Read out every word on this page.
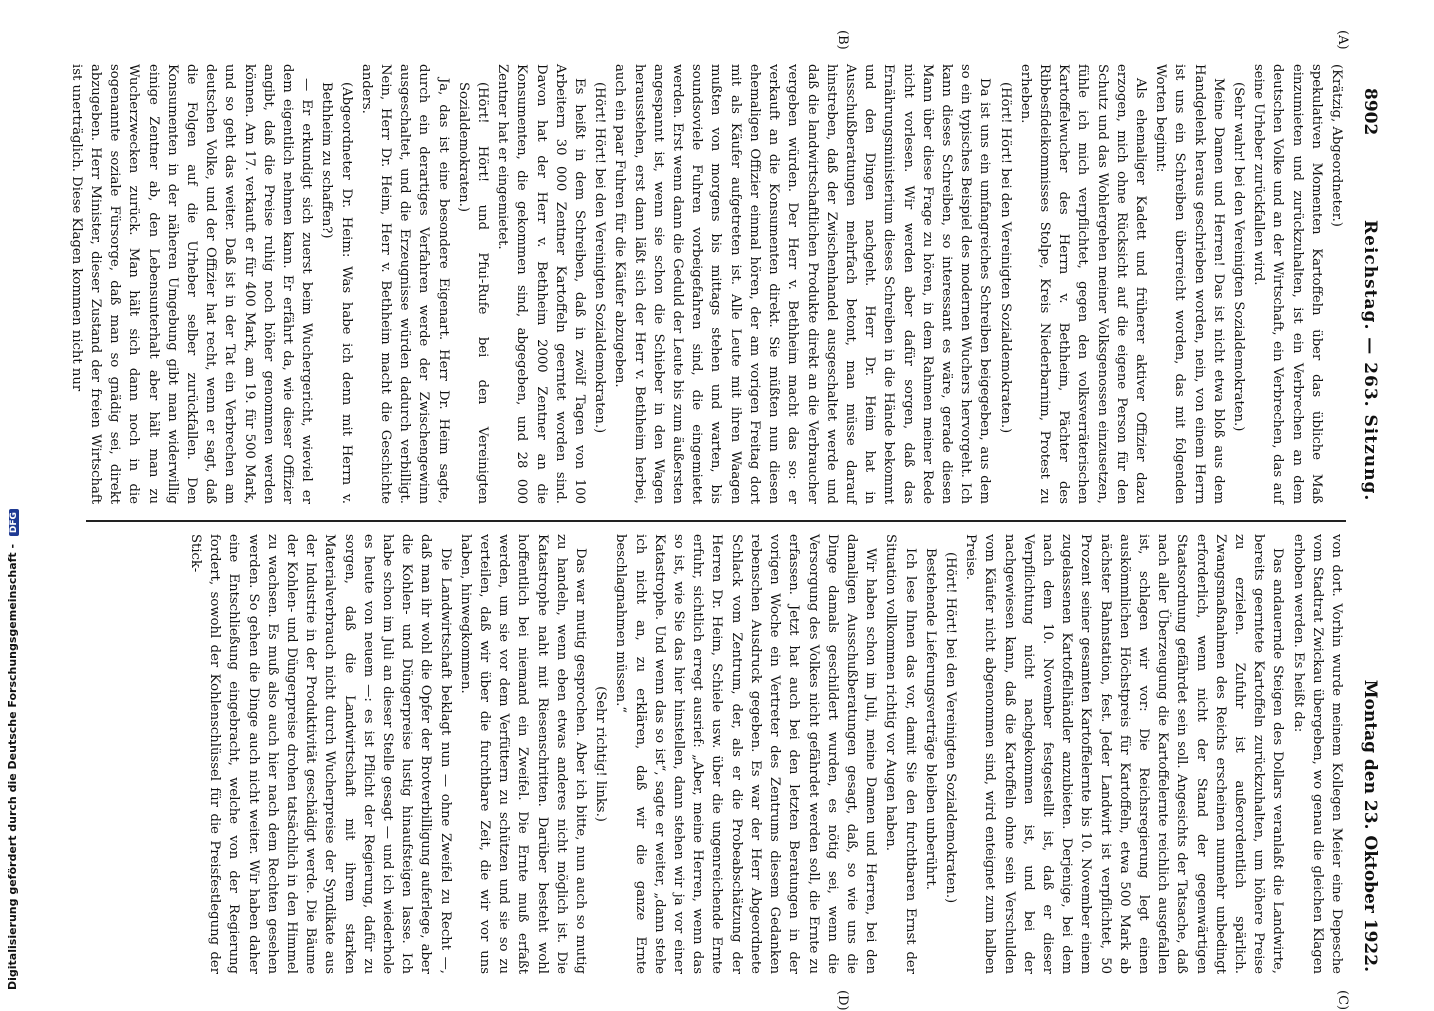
8902
Reichstag. — 263. Sitzung.
Montag den 23. Oktober 1922.
(A)
(B)
(C)
(D)

(Krätzig, Abgeordneter.)

spekulativen Momenten Kartoffeln über das übliche Maß einzumieten und zurückzuhalten, ist ein Verbrechen an dem deutschen Volke und an der Wirtschaft, ein Verbrechen, das auf seine Urheber zurückfallen wird.

(Sehr wahr! bei den Vereinigten Sozialdemokraten.)

Meine Damen und Herren! Das ist nicht etwa bloß aus dem Handgelenk heraus geschrieben worden, nein, von einem Herrn ist uns ein Schreiben überreicht worden, das mit folgenden Worten beginnt:

Als ehemaliger Kadett und früherer aktiver Offizier dazu erzogen, mich ohne Rücksicht auf die eigene Person für den Schutz und das Wohlergehen meiner Volksgenossen einzusetzen, fühle ich mich verpflichtet, gegen den volksverräterischen Kartoffelwucher des Herrn v. Bethheim, Pächter des Ribbesfideikommisses Stolpe, Kreis Niederbarnim, Protest zu erheben.

(Hört! Hört! bei den Vereinigten Sozialdemokraten.)

Da ist uns ein umfangreiches Schreiben beigegeben, aus dem so ein typisches Beispiel des modernen Wuchers hervorgeht. Ich kann dieses Schreiben, so interessant es wäre, gerade diesen Mann über diese Frage zu hören, in dem Rahmen meiner Rede nicht vorlesen. Wir werden aber dafür sorgen, daß das Ernährungsministerium dieses Schreiben in die Hände bekommt und den Dingen nachgeht. Herr Dr. Heim hat in Ausschußberatungen mehrfach betont, man müsse darauf hinstreben, daß der Zwischenhandel ausgeschaltet werde und daß die landwirtschaftlichen Produkte direkt an die Verbraucher vergeben würden. Der Herr v. Bethheim macht das so: er verkauft an die Konsumenten direkt. Sie müßten nun diesen ehemaligen Offizier einmal hören, der am vorigen Freitag dort mit als Käufer aufgetreten ist. Alle Leute mit ihren Waagen mußten von morgens bis mittags stehen und warten, bis soundsoviele Fuhren vorbeigefahren sind, die eingemietet werden. Erst wenn dann die Geduld der Leute bis zum äußersten angespannt ist, wenn sie schon die Schieber in den Wagen herausstehen, erst dann läßt sich der Herr v. Bethheim herbei, auch ein paar Fuhren für die Käufer abzugeben.

(Hört! Hört! bei den Vereinigten Sozialdemokraten.)

Es heißt in dem Schreiben, daß in zwölf Tagen von 100 Arbeitern 30 000 Zentner Kartoffeln geerntet worden sind. Davon hat der Herr v. Bethheim 2000 Zentner an die Konsumenten, die gekommen sind, abgegeben, und 28 000 Zentner hat er eingemietet.

(Hört! Hört! und Pfui-Rufe bei den Vereinigten Sozialdemokraten.)

Ja, das ist eine besondere Eigenart. Herr Dr. Heim sagte, durch ein derartiges Verfahren werde der Zwischengewinn ausgeschaltet, und die Erzeugnisse würden dadurch verbilligt. Nein, Herr Dr. Heim, Herr v. Bethheim macht die Geschichte anders.

(Abgeordneter Dr. Heim: Was habe ich denn mit Herrn v. Bethheim zu schaffen?)

— Er erkundigt sich zuerst beim Wuchergericht, wieviel er dem eigentlich nehmen kann. Er erfährt da, wie dieser Offizier angibt, daß die Preise ruhig noch höher genommen werden können. Am 17. verkauft er für 400 Mark, am 19. für 500 Mark, und so geht das weiter. Daß ist in der Tat ein Verbrechen am deutschen Volke, und der Offizier hat recht, wenn er sagt, daß die Folgen auf die Urheber selber zurückfallen. Den Konsumenten in der näheren Umgebung gibt man widerwillig einige Zentner ab, den Lebensunterhalt aber hält man zu Wucherzwecken zurück. Man hält sich dann noch in die sogenannte soziale Fürsorge, daß man so gnädig sei, direkt abzugeben. Herr Minister, dieser Zustand der freien Wirtschaft ist unerträglich. Diese Klagen kommen nicht nur

von dort. Vorhin wurde meinem Kollegen Meier eine Depesche vom Stadtrat Zwickau übergeben, wo genau die gleichen Klagen erhoben werden. Es heißt da:

Das andauernde Steigen des Dollars veranlaßt die Landwirte, bereits geerntete Kartoffeln zurückzuhalten, um höhere Preise zu erzielen. Zufuhr ist außerordentlich spärlich. Zwangsmaßnahmen des Reichs erscheinen nunmehr unbedingt erforderlich, wenn nicht der Stand der gegenwärtigen Staatsordnung gefährdet sein soll. Angesichts der Tatsache, daß nach aller Überzeugung die Kartoffelernte reichlich ausgefallen ist, schlagen wir vor: Die Reichsregierung legt einen auskömmlichen Höchstpreis für Kartoffeln, etwa 500 Mark ab nächster Bahnstation, fest. Jeder Landwirt ist verpflichtet, 50 Prozent seiner gesamten Kartoffelernte bis 10. November einem zugelassenen Kartoffelhändler anzubieten. Derjenige, bei dem nach dem 10. November festgestellt ist, daß er dieser Verpflichtung nicht nachgekommen ist, und bei der nachgewiesen kann, daß die Kartoffeln ohne sein Verschulden vom Käufer nicht abgenommen sind, wird enteignet zum halben Preise.

(Hört! Hört! bei den Vereinigten Sozialdemokraten.)

Bestehende Lieferungsverträge bleiben unberührt.

Ich lese Ihnen das vor, damit Sie den furchtbaren Ernst der Situation vollkommen richtig vor Augen haben.

Wir haben schon im Juli, meine Damen und Herren, bei den damaligen Ausschußberatungen gesagt, daß, so wie uns die Dinge damals geschildert wurden, es nötig sei, wenn die Versorgung des Volkes nicht gefährdet werden soll, die Ernte zu erfassen. Jetzt hat auch bei den letzten Beratungen in der vorigen Woche ein Vertreter des Zentrums diesem Gedanken rebenschen Ausdruck gegeben. Es war der Herr Abgeordnete Schlack vom Zentrum, der, als er die Probeabschätzung der Herren Dr. Heim, Schiele usw. über die ungenreichende Ernte erfuhr, sichtlich erregt ausrief: „Aber, meine Herren, wenn das so ist, wie Sie das hier hinstellen, dann stehen wir ja vor einer Katastrophe. Und wenn das so ist“, sagte er weiter, „dann stehe ich nicht an, zu erklären, daß wir die ganze Ernte beschlagnahmen müssen.“

(Sehr richtig! links.)

Das war mutig gesprochen. Aber ich bitte, nun auch so mutig zu handeln, wenn eben etwas anderes nicht möglich ist. Die Katastrophe naht mit Riesenschritten. Darüber besteht wohl hoffentlich bei niemand ein Zweifel. Die Ernte muß erfaßt werden, um sie vor dem Verfüttern zu schützen und sie so zu verteilen, daß wir über die furchtbare Zeit, die wir vor uns haben, hinwegkommen.

Die Landwirtschaft beklagt nun — ohne Zweifel zu Recht —, daß man ihr wohl die Opfer der Brotverbilligung auferlege, aber die Kohlen- und Düngerpreise lustig hinaufsteigen lasse. Ich habe schon im Juli an dieser Stelle gesagt — und ich wiederhole es heute von neuem —: es ist Pflicht der Regierung, dafür zu sorgen, daß die Landwirtschaft mit ihrem starken Materialverbrauch nicht durch Wucherpreise der Syndikate aus der Industrie in der Produktivität geschädigt werde. Die Bäume der Kohlen- und Düngerpreise drohen tatsächlich in den Himmel zu wachsen. Es muß also auch hier nach dem Rechten gesehen werden. So gehen die Dinge auch nicht weiter. Wir haben daher eine Entschließung eingebracht, welche von der Regierung fordert, sowohl der Kohlenschlüssel für die Preisfestlegung der Stick-

Digitalisierung gefördert durch die Deutsche Forschungsgemeinschaft - DFG
